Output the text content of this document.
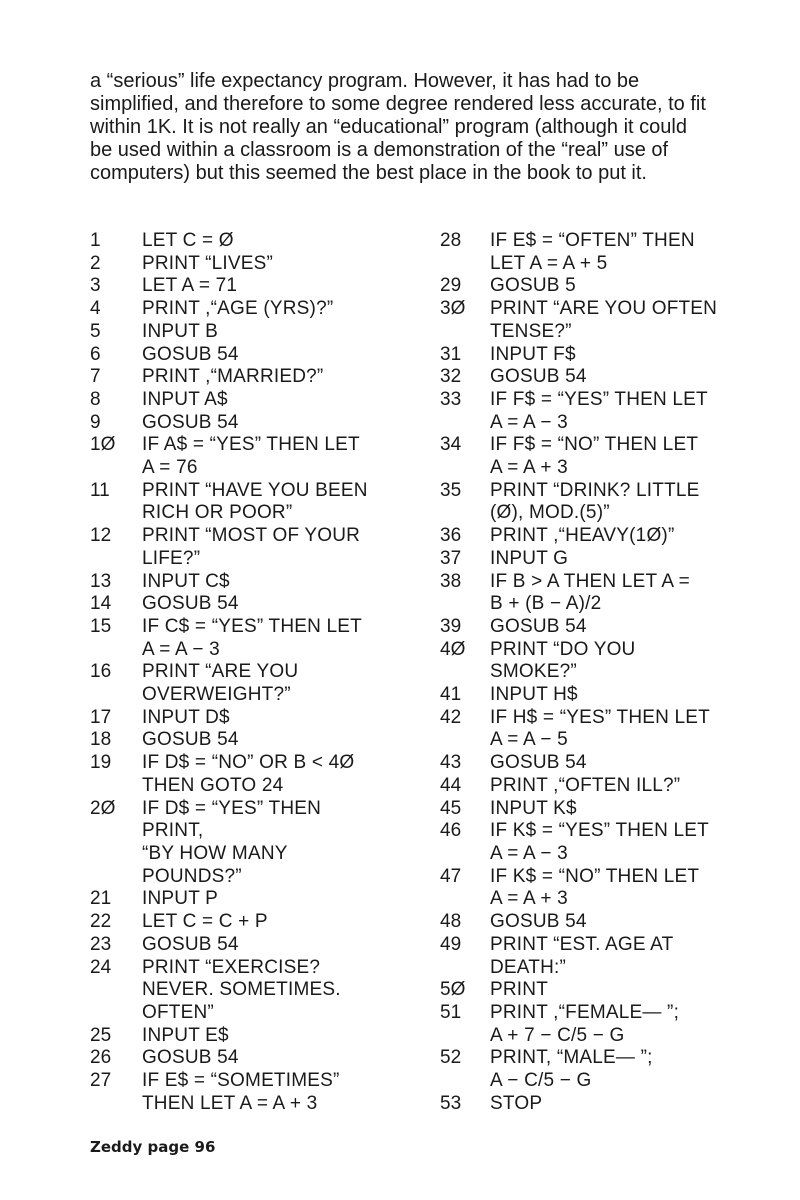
a “serious” life expectancy program. However, it has had to be

simplified, and therefore to some degree rendered less accurate, to fit

within 1K. It is not really an “educational” program (although it could

be used within a classroom is a demonstration of the “real” use of

computers) but this seemed the best place in the book to put it.

1	LET C = Ø
2	PRINT “LIVES”
3	LET A = 71
4	PRINT ,“AGE (YRS)?”
5	INPUT B
6	GOSUB 54
7	PRINT ,“MARRIED?”
8	INPUT A$
9	GOSUB 54
1Ø	IF A$ = “YES” THEN LET
A = 76
11	PRINT “HAVE YOU BEEN
RICH OR POOR”
12	PRINT “MOST OF YOUR
LIFE?”
13	INPUT C$
14	GOSUB 54
15	IF C$ = “YES” THEN LET
A = A − 3
16	PRINT “ARE YOU
OVERWEIGHT?”
17	INPUT D$
18	GOSUB 54
19	IF D$ = “NO” OR B < 4Ø
THEN GOTO 24
2Ø	IF D$ = “YES” THEN
PRINT,
“BY HOW MANY
POUNDS?”
21	INPUT P
22	LET C = C + P
23	GOSUB 54
24	PRINT “EXERCISE?
NEVER. SOMETIMES.
OFTEN”
25	INPUT E$
26	GOSUB 54
27	IF E$ = “SOMETIMES”
THEN LET A = A + 3
28	IF E$ = “OFTEN” THEN
LET A = A + 5
29	GOSUB 5
3Ø	PRINT “ARE YOU OFTEN
TENSE?”
31	INPUT F$
32	GOSUB 54
33	IF F$ = “YES” THEN LET
A = A − 3
34	IF F$ = “NO” THEN LET
A = A + 3
35	PRINT “DRINK? LITTLE
(Ø), MOD.(5)”
36	PRINT ,“HEAVY(1Ø)”
37	INPUT G
38	IF B > A THEN LET A =
B + (B − A)/2
39	GOSUB 54
4Ø	PRINT “DO YOU
SMOKE?”
41	INPUT H$
42	IF H$ = “YES” THEN LET
A = A − 5
43	GOSUB 54
44	PRINT ,“OFTEN ILL?”
45	INPUT K$
46	IF K$ = “YES” THEN LET
A = A − 3
47	IF K$ = “NO” THEN LET
A = A + 3
48	GOSUB 54
49	PRINT “EST. AGE AT
DEATH:”
5Ø	PRINT
51	PRINT ,“FEMALE— ”;
A + 7 − C/5 − G
52	PRINT, “MALE— ”;
A − C/5 − G
53	STOP
Zeddy page 96
